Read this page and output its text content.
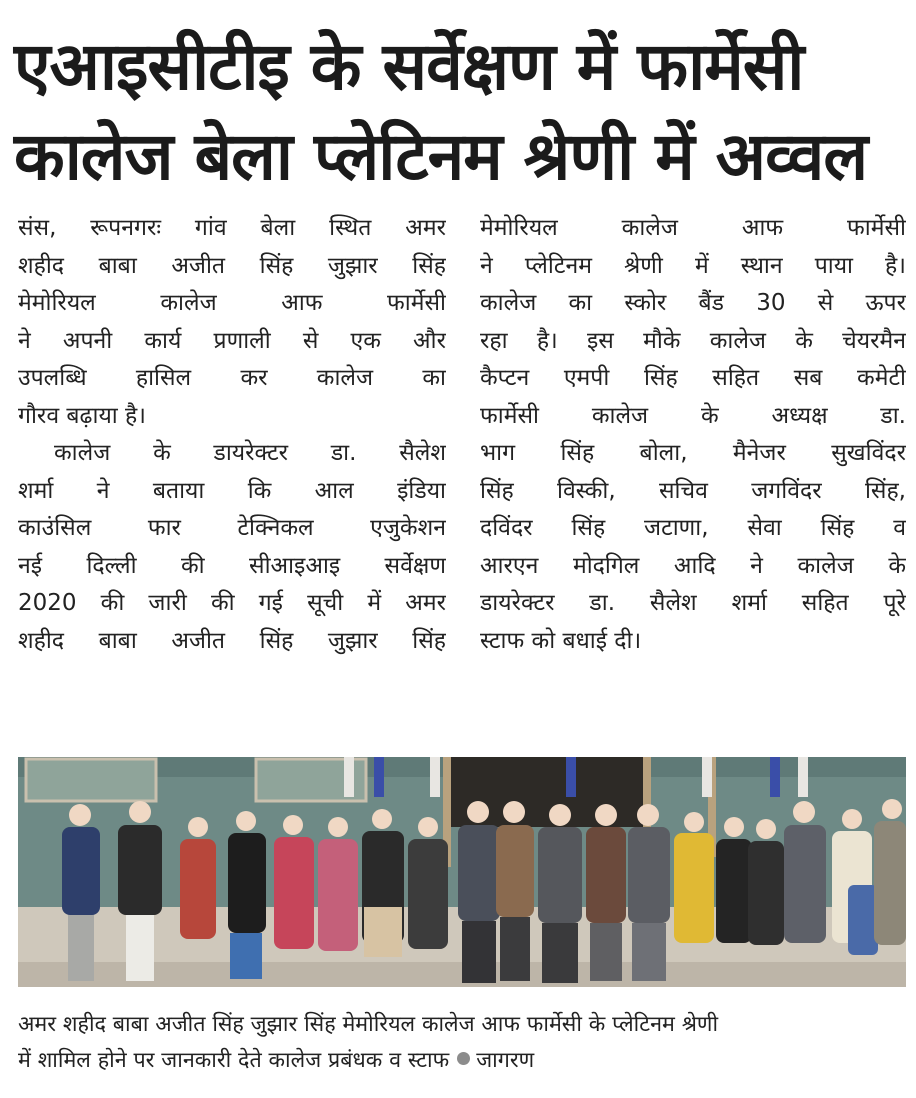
एआइसीटीइ के सर्वेक्षण में फार्मेसी
कालेज बेला प्लेटिनम श्रेणी में अव्वल
संस, रूपनगरः गांव बेला स्थित अमर
शहीद बाबा अजीत सिंह जुझार सिंह
मेमोरियल कालेज आफ फार्मेसी
ने अपनी कार्य प्रणाली से एक और
उपलब्धि हासिल कर कालेज का
गौरव बढ़ाया है।
कालेज के डायरेक्टर डा. सैलेश
शर्मा ने बताया कि आल इंडिया
काउंसिल फार टेक्निकल एजुकेशन
नई दिल्ली की सीआइआइ सर्वेक्षण
2020 की जारी की गई सूची में अमर
शहीद बाबा अजीत सिंह जुझार सिंह
मेमोरियल कालेज आफ फार्मेसी
ने प्लेटिनम श्रेणी में स्थान पाया है।
कालेज का स्कोर बैंड 30 से ऊपर
रहा है। इस मौके कालेज के चेयरमैन
कैप्टन एमपी सिंह सहित सब कमेटी
फार्मेसी कालेज के अध्यक्ष डा.
भाग सिंह बोला, मैनेजर सुखविंदर
सिंह विस्की, सचिव जगविंदर सिंह,
दविंदर सिंह जटाणा, सेवा सिंह व
आरएन मोदगिल आदि ने कालेज के
डायरेक्टर डा. सैलेश शर्मा सहित पूरे
स्टाफ को बधाई दी।
अमर शहीद बाबा अजीत सिंह जुझार सिंह मेमोरियल कालेज आफ फार्मेसी के प्लेटिनम श्रेणी
में शामिल होने पर जानकारी देते कालेज प्रबंधक व स्टाफ जागरण
